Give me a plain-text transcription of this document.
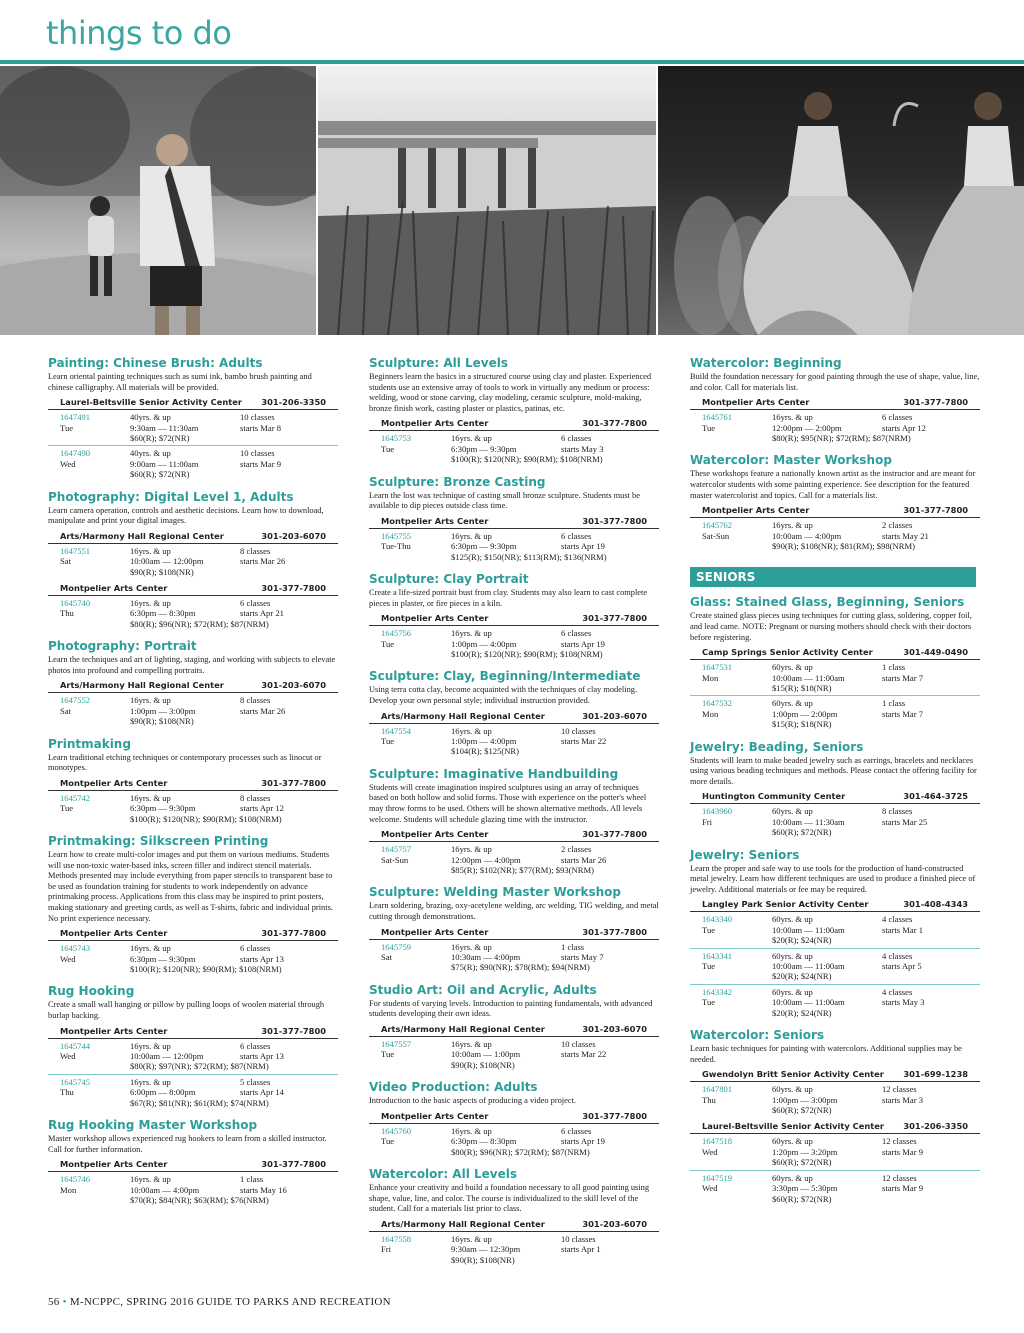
things to do
Painting: Chinese Brush: Adults
Learn oriental painting techniques such as sumi ink, bambo brush painting and chinese calligraphy. All materials will be provided.
Laurel-Beltsville Senior Activity Center 301-206-3350
1647491	40yrs. & up	10 classes
Tue	9:30am — 11:30am	starts Mar 8
$60(R); $72(NR)
1647490	40yrs. & up	10 classes
Wed	9:00am — 11:00am	starts Mar 9
$60(R); $72(NR)
Photography: Digital Level 1, Adults
Learn camera operation, controls and aesthetic decisions. Learn how to download, manipulate and print your digital images.
Arts/Harmony Hall Regional Center	301-203-6070
1647551	16yrs. & up	8 classes
Sat	10:00am — 12:00pm	starts Mar 26
$90(R); $108(NR)
Montpelier Arts Center	301-377-7800
1645740	16yrs. & up	6 classes
Thu	6:30pm — 8:30pm	starts Apr 21
$80(R); $96(NR); $72(RM); $87(NRM)
Photography: Portrait
Learn the techniques and art of lighting, staging, and working with subjects to elevate photos into profound and compelling portraits.
Arts/Harmony Hall Regional Center	301-203-6070
1647552	16yrs. & up	8 classes
Sat	1:00pm — 3:00pm	starts Mar 26
$90(R); $108(NR)
Printmaking
Learn traditional etching techniques or contemporary processes such as linocut or monotypes.
Montpelier Arts Center	301-377-7800
1645742	16yrs. & up	8 classes
Tue	6:30pm — 9:30pm	starts Apr 12
$100(R); $120(NR); $90(RM); $108(NRM)
Printmaking: Silkscreen Printing
Learn how to create multi-color images and put them on various mediums. Students will use non-toxic water-based inks, screen filler and indirect stencil materials. Methods presented may include everything from paper stencils to transparent base to be used as foundation training for students to work independently on advance printmaking process. Applications from this class may be inspired to print posters, making stationary and greeting cards, as well as T-shirts, fabric and individual prints. No print experience necessary.
Montpelier Arts Center	301-377-7800
1645743	16yrs. & up	6 classes
Wed	6:30pm — 9:30pm	starts Apr 13
$100(R); $120(NR); $90(RM); $108(NRM)
Rug Hooking
Create a small wall hanging or pillow by pulling loops of woolen material through burlap backing.
Montpelier Arts Center	301-377-7800
1645744	16yrs. & up	6 classes
Wed	10:00am — 12:00pm	starts Apr 13
$80(R); $97(NR); $72(RM); $87(NRM)
1645745	16yrs. & up	5 classes
Thu	6:00pm — 8:00pm	starts Apr 14
$67(R); $81(NR); $61(RM); $74(NRM)
Rug Hooking Master Workshop
Master workshop allows experienced rug hookers to learn from a skilled instructor. Call for further information.
Montpelier Arts Center	301-377-7800
1645746	16yrs. & up	1 class
Mon	10:00am — 4:00pm	starts May 16
$70(R); $84(NR); $63(RM); $76(NRM)
Sculpture: All Levels
Beginners learn the basics in a structured course using clay and plaster. Experienced students use an extensive array of tools to work in virtually any medium or process: welding, wood or stone carving, clay modeling, ceramic sculpture, mold-making, bronze finish work, casting plaster or plastics, patinas, etc.
Montpelier Arts Center	301-377-7800
1645753	16yrs. & up	6 classes
Tue	6:30pm — 9:30pm	starts May 3
$100(R); $120(NR); $90(RM); $108(NRM)
Sculpture: Bronze Casting
Learn the lost wax technique of casting small bronze sculpture. Students must be available to dip pieces outside class time.
Montpelier Arts Center	301-377-7800
1645755	16yrs. & up	6 classes
Tue-Thu	6:30pm — 9:30pm	starts Apr 19
$125(R); $150(NR); $113(RM); $136(NRM)
Sculpture: Clay Portrait
Create a life-sized portrait bust from clay. Students may also learn to cast complete pieces in plaster, or fire pieces in a kiln.
Montpelier Arts Center	301-377-7800
1645756	16yrs. & up	6 classes
Tue	1:00pm — 4:00pm	starts Apr 19
$100(R); $120(NR); $90(RM); $108(NRM)
Sculpture: Clay, Beginning/Intermediate
Using terra cotta clay, become acquainted with the techniques of clay modeling. Develop your own personal style; individual instruction provided.
Arts/Harmony Hall Regional Center	301-203-6070
1647554	16yrs. & up	10 classes
Tue	1:00pm — 4:00pm	starts Mar 22
$104(R); $125(NR)
Sculpture: Imaginative Handbuilding
Students will create imagination inspired sculptures using an array of techniques based on both hollow and solid forms. Those with experience on the potter's wheel may throw forms to be used. Others will be shown alternative methods. All levels welcome. Students will schedule glazing time with the instructor.
Montpelier Arts Center	301-377-7800
1645757	16yrs. & up	2 classes
Sat-Sun	12:00pm — 4:00pm	starts Mar 26
$85(R); $102(NR); $77(RM); $93(NRM)
Sculpture: Welding Master Workshop
Learn soldering, brazing, oxy-acetylene welding, arc welding, TIG welding, and metal cutting through demonstrations.
Montpelier Arts Center	301-377-7800
1645759	16yrs. & up	1 class
Sat	10:30am — 4:00pm	starts May 7
$75(R); $90(NR); $78(RM); $94(NRM)
Studio Art: Oil and Acrylic, Adults
For students of varying levels. Introduction to painting fundamentals, with advanced students developing their own ideas.
Arts/Harmony Hall Regional Center	301-203-6070
1647557	16yrs. & up	10 classes
Tue	10:00am — 1:00pm	starts Mar 22
$90(R); $108(NR)
Video Production: Adults
Introduction to the basic aspects of producing a video project.
Montpelier Arts Center	301-377-7800
1645760	16yrs. & up	6 classes
Tue	6:30pm — 8:30pm	starts Apr 19
$80(R); $96(NR); $72(RM); $87(NRM)
Watercolor: All Levels
Enhance your creativity and build a foundation necessary to all good painting using shape, value, line, and color. The course is individualized to the skill level of the student. Call for a materials list prior to class.
Arts/Harmony Hall Regional Center	301-203-6070
1647558	16yrs. & up	10 classes
Fri	9:30am — 12:30pm	starts Apr 1
$90(R); $108(NR)
Watercolor: Beginning
Build the foundation necessary for good painting through the use of shape, value, line, and color. Call for materials list.
Montpelier Arts Center	301-377-7800
1645761	16yrs. & up	6 classes
Tue	12:00pm — 2:00pm	starts Apr 12
$80(R); $95(NR); $72(RM); $87(NRM)
Watercolor: Master Workshop
These workshops feature a nationally known artist as the instructor and are meant for watercolor students with some painting experience. See description for the featured master watercolorist and topics. Call for a materials list.
Montpelier Arts Center	301-377-7800
1645762	16yrs. & up	2 classes
Sat-Sun	10:00am — 4:00pm	starts May 21
$90(R); $108(NR); $81(RM); $98(NRM)
SENIORS
Glass: Stained Glass, Beginning, Seniors
Create stained glass pieces using techniques for cutting glass, soldering, copper foil, and lead came. NOTE: Pregnant or nursing mothers should check with their doctors before registering.
Camp Springs Senior Activity Center	301-449-0490
1647531	60yrs. & up	1 class
Mon	10:00am — 11:00am	starts Mar 7
$15(R); $18(NR)
1647532	60yrs. & up	1 class
Mon	1:00pm — 2:00pm	starts Mar 7
$15(R); $18(NR)
Jewelry: Beading, Seniors
Students will learn to make beaded jewelry such as earrings, bracelets and necklaces using various beading techniques and methods. Please contact the offering facility for more details.
Huntington Community Center	301-464-3725
1643960	60yrs. & up	8 classes
Fri	10:00am — 11:30am	starts Mar 25
$60(R); $72(NR)
Jewelry: Seniors
Learn the proper and safe way to use tools for the production of hand-constructed metal jewelry. Learn how different techniques are used to produce a finished piece of jewelry. Additional materials or fee may be required.
Langley Park Senior Activity Center	301-408-4343
1643340	60yrs. & up	4 classes
Tue	10:00am — 11:00am	starts Mar 1
$20(R); $24(NR)
1643341	60yrs. & up	4 classes
Tue	10:00am — 11:00am	starts Apr 5
$20(R); $24(NR)
1643342	60yrs. & up	4 classes
Tue	10:00am — 11:00am	starts May 3
$20(R); $24(NR)
Watercolor: Seniors
Learn basic techniques for painting with watercolors. Additional supplies may be needed.
Gwendolyn Britt Senior Activity Center 301-699-1238
1647801	60yrs. & up	12 classes
Thu	1:00pm — 3:00pm	starts Mar 3
$60(R); $72(NR)
Laurel-Beltsville Senior Activity Center 301-206-3350
1647518	60yrs. & up	12 classes
Wed	1:20pm — 3:20pm	starts Mar 9
$60(R); $72(NR)
1647519	60yrs. & up	12 classes
Wed	3:30pm — 5:30pm	starts Mar 9
$60(R); $72(NR)
56 • M-NCPPC, SPRING 2016 GUIDE TO PARKS AND RECREATION
